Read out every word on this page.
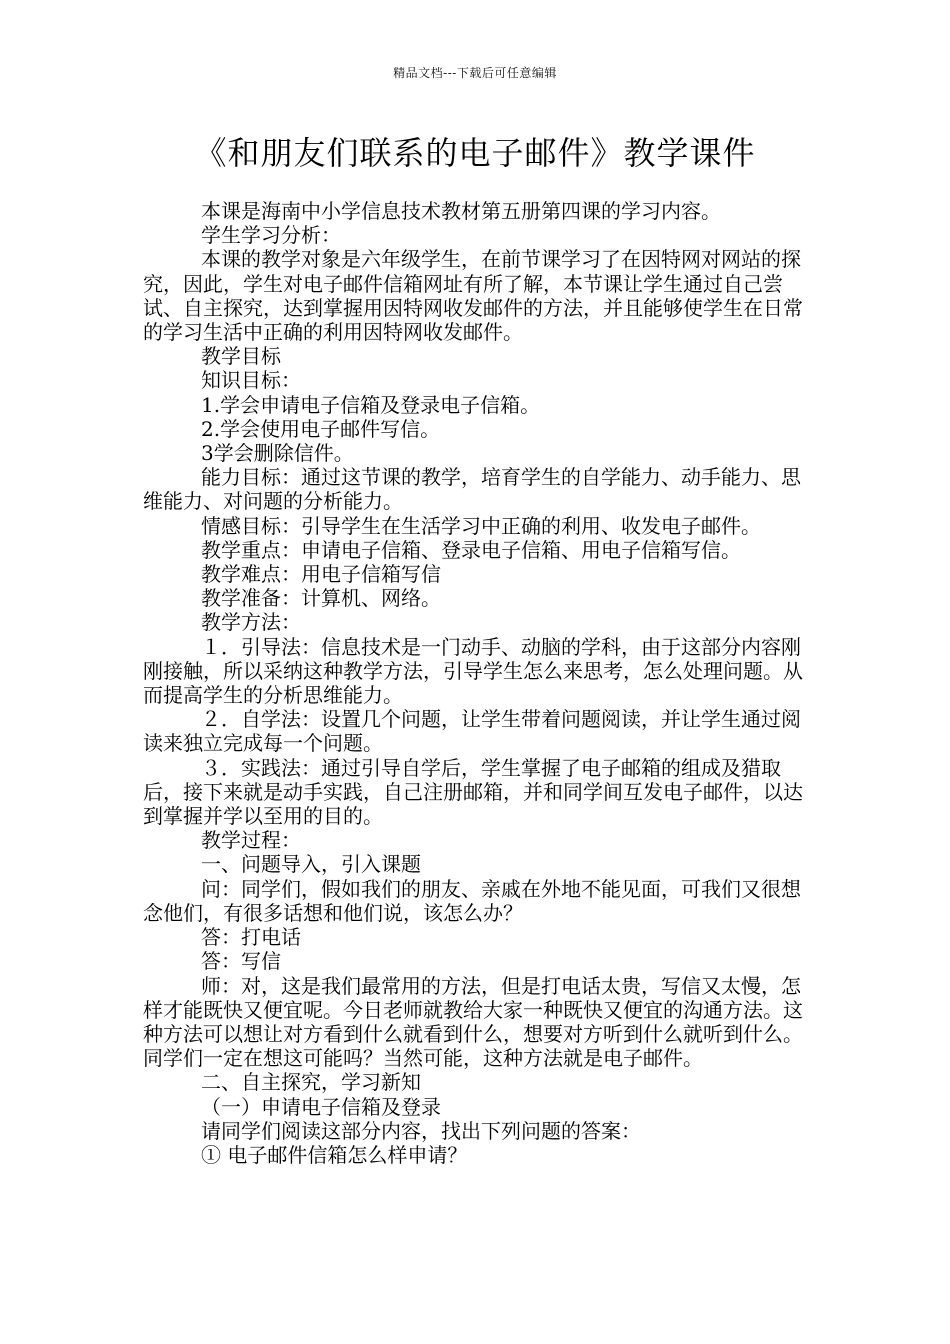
精品文档---下载后可任意编辑
《和朋友们联系的电子邮件》教学课件

本课是海南中小学信息技术教材第五册第四课的学习内容。

学生学习分析：

本课的教学对象是六年级学生，在前节课学习了在因特网对网站的探究，因此，学生对电子邮件信箱网址有所了解，本节课让学生通过自己尝试、自主探究，达到掌握用因特网收发邮件的方法，并且能够使学生在日常的学习生活中正确的利用因特网收发邮件。

教学目标

知识目标：

1.学会申请电子信箱及登录电子信箱。

2.学会使用电子邮件写信。

3学会删除信件。

能力目标：通过这节课的教学，培育学生的自学能力、动手能力、思维能力、对问题的分析能力。

情感目标：引导学生在生活学习中正确的利用、收发电子邮件。

教学重点：申请电子信箱、登录电子信箱、用电子信箱写信。

教学难点：用电子信箱写信

教学准备：计算机、网络。

教学方法：

１．引导法：信息技术是一门动手、动脑的学科，由于这部分内容刚刚接触，所以采纳这种教学方法，引导学生怎么来思考，怎么处理问题。从而提高学生的分析思维能力。

２．自学法：设置几个问题，让学生带着问题阅读，并让学生通过阅读来独立完成每一个问题。

３．实践法：通过引导自学后，学生掌握了电子邮箱的组成及猎取后，接下来就是动手实践，自己注册邮箱，并和同学间互发电子邮件，以达到掌握并学以至用的目的。

教学过程：

一、问题导入，引入课题

问：同学们，假如我们的朋友、亲戚在外地不能见面，可我们又很想念他们，有很多话想和他们说，该怎么办？

答：打电话

答：写信

师：对，这是我们最常用的方法，但是打电话太贵，写信又太慢，怎样才能既快又便宜呢。今日老师就教给大家一种既快又便宜的沟通方法。这种方法可以想让对方看到什么就看到什么，想要对方听到什么就听到什么。同学们一定在想这可能吗？当然可能，这种方法就是电子邮件。

二、自主探究，学习新知

（一）申请电子信箱及登录

请同学们阅读这部分内容，找出下列问题的答案：

① 电子邮件信箱怎么样申请？
